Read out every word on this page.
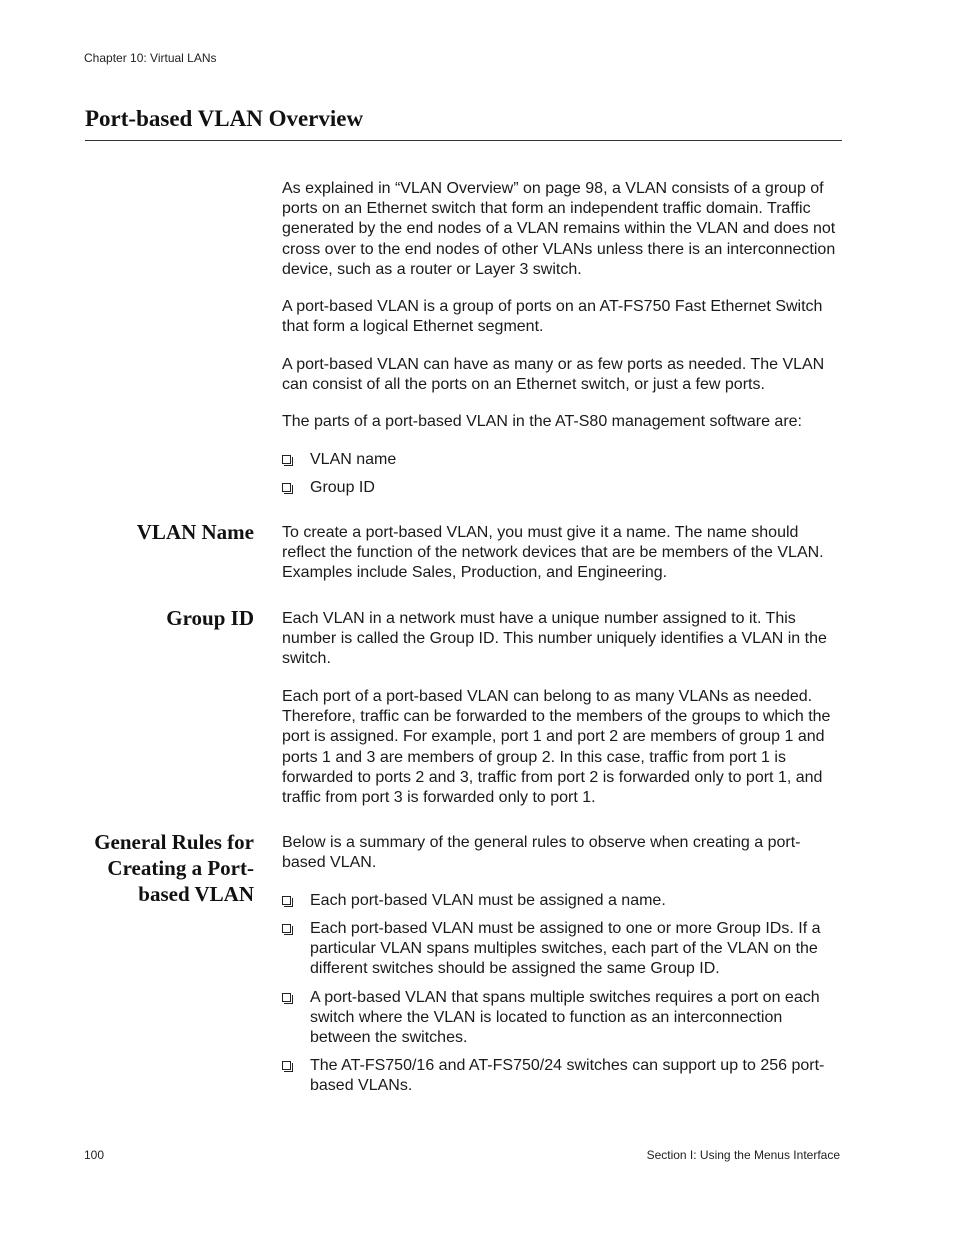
Chapter 10: Virtual LANs
Port-based VLAN Overview

As explained in “VLAN Overview” on page 98, a VLAN consists of a group of ports on an Ethernet switch that form an independent traffic domain. Traffic generated by the end nodes of a VLAN remains within the VLAN and does not cross over to the end nodes of other VLANs unless there is an interconnection device, such as a router or Layer 3 switch.

A port-based VLAN is a group of ports on an AT-FS750 Fast Ethernet Switch that form a logical Ethernet segment.

A port-based VLAN can have as many or as few ports as needed. The VLAN can consist of all the ports on an Ethernet switch, or just a few ports.

The parts of a port-based VLAN in the AT-S80 management software are:

VLAN name
Group ID
VLAN Name To create a port-based VLAN, you must give it a name. The name should reflect the function of the network devices that are be members of the VLAN. Examples include Sales, Production, and Engineering.

Group ID Each VLAN in a network must have a unique number assigned to it. This number is called the Group ID. This number uniquely identifies a VLAN in the switch.

Each port of a port-based VLAN can belong to as many VLANs as needed. Therefore, traffic can be forwarded to the members of the groups to which the port is assigned. For example, port 1 and port 2 are members of group 1 and ports 1 and 3 are members of group 2. In this case, traffic from port 1 is forwarded to ports 2 and 3, traffic from port 2 is forwarded only to port 1, and traffic from port 3 is forwarded only to port 1.

General Rules for
Creating a Port-
based VLAN

Below is a summary of the general rules to observe when creating a port-based VLAN.

Each port-based VLAN must be assigned a name.
Each port-based VLAN must be assigned to one or more Group IDs. If a particular VLAN spans multiples switches, each part of the VLAN on the different switches should be assigned the same Group ID.
A port-based VLAN that spans multiple switches requires a port on each switch where the VLAN is located to function as an interconnection between the switches.
The AT-FS750/16 and AT-FS750/24 switches can support up to 256 port-based VLANs.
100	Section I: Using the Menus Interface
